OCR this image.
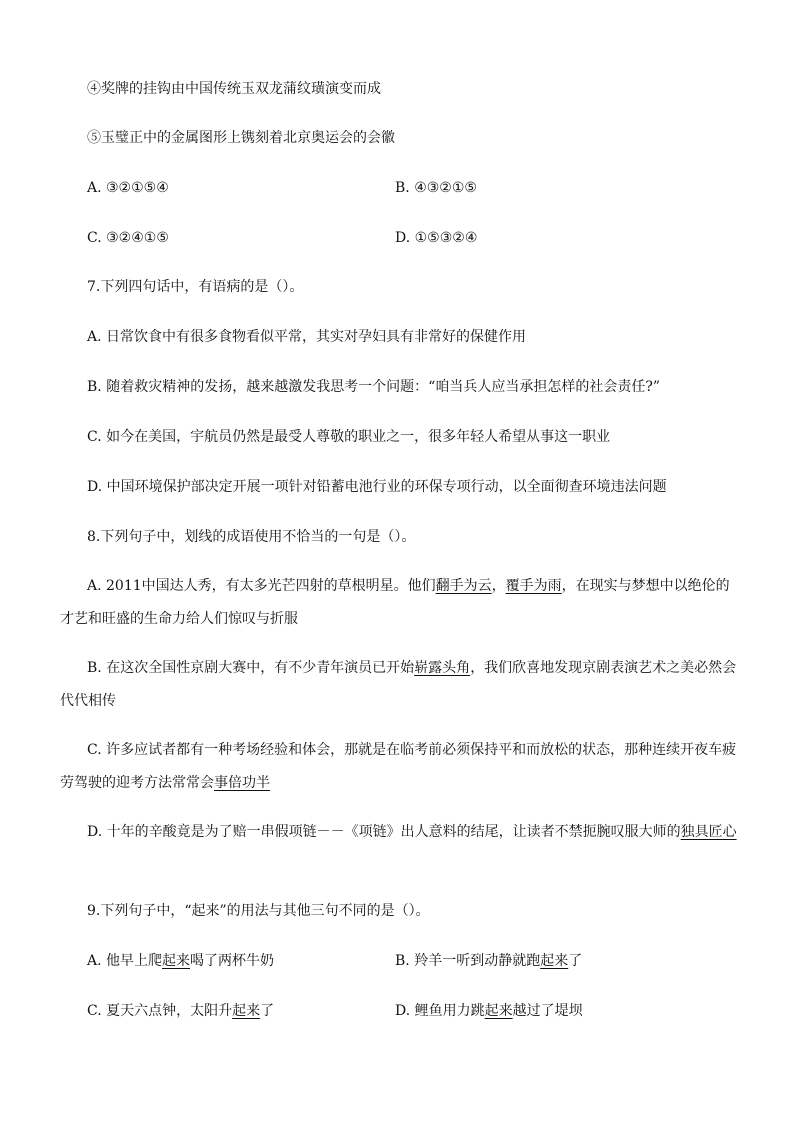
④奖牌的挂钩由中国传统玉双龙蒲纹璜演变而成
⑤玉璧正中的金属图形上镌刻着北京奥运会的会徽
A. ③②①⑤④	B. ④③②①⑤
C. ③②④①⑤	D. ①⑤③②④
7.下列四句话中，有语病的是（）。
A. 日常饮食中有很多食物看似平常，其实对孕妇具有非常好的保健作用
B. 随着救灾精神的发扬，越来越激发我思考一个问题：“咱当兵人应当承担怎样的社会责任?”
C. 如今在美国，宇航员仍然是最受人尊敬的职业之一，很多年轻人希望从事这一职业
D. 中国环境保护部决定开展一项针对铅蓄电池行业的环保专项行动，以全面彻查环境违法问题
8.下列句子中，划线的成语使用不恰当的一句是（）。
A. 2011中国达人秀，有太多光芒四射的草根明星。他们翻手为云，覆手为雨，在现实与梦想中以绝伦的才艺和旺盛的生命力给人们惊叹与折服
B. 在这次全国性京剧大赛中，有不少青年演员已开始崭露头角，我们欣喜地发现京剧表演艺术之美必然会代代相传
C. 许多应试者都有一种考场经验和体会，那就是在临考前必须保持平和而放松的状态，那种连续开夜车疲劳驾驶的迎考方法常常会事倍功半
D. 十年的辛酸竟是为了赔一串假项链－－《项链》出人意料的结尾，让读者不禁扼腕叹服大师的独具匠心
9.下列句子中，“起来”的用法与其他三句不同的是（）。
A. 他早上爬起来喝了两杯牛奶	B. 羚羊一听到动静就跑起来了
C. 夏天六点钟，太阳升起来了	D. 鲤鱼用力跳起来越过了堤坝
